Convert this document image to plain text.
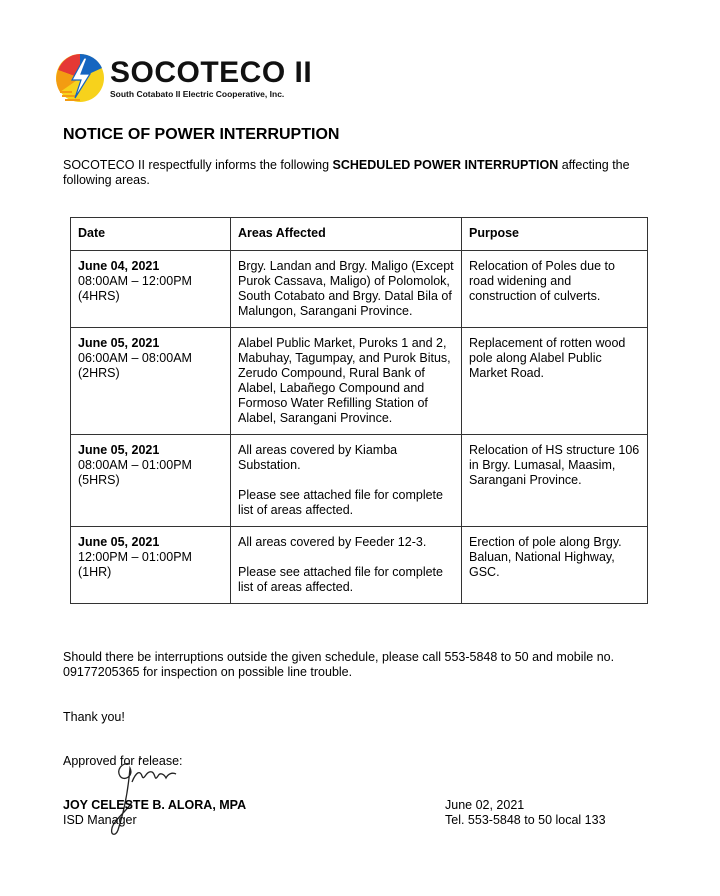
SOCOTECO II
South Cotabato II Electric Cooperative, Inc.
NOTICE OF POWER INTERRUPTION

SOCOTECO II respectfully informs the following SCHEDULED POWER INTERRUPTION affecting the following areas.

Date	Areas Affected	Purpose

June 04, 2021
08:00AM – 12:00PM
(4HRS)	Brgy. Landan and Brgy. Maligo (Except Purok Cassava, Maligo) of Polomolok, South Cotabato and Brgy. Datal Bila of Malungon, Sarangani Province.	Relocation of Poles due to road widening and construction of culverts.

June 05, 2021
06:00AM – 08:00AM
(2HRS)	Alabel Public Market, Puroks 1 and 2, Mabuhay, Tagumpay, and Purok Bitus, Zerudo Compound, Rural Bank of Alabel, Labañego Compound and Formoso Water Refilling Station of Alabel, Sarangani Province.	Replacement of rotten wood pole along Alabel Public Market Road.

June 05, 2021
08:00AM – 01:00PM
(5HRS)	All areas covered by Kiamba Substation.
Please see attached file for complete list of areas affected.	Relocation of HS structure 106 in Brgy. Lumasal, Maasim, Sarangani Province.

June 05, 2021
12:00PM – 01:00PM
(1HR)	All areas covered by Feeder 12-3.
Please see attached file for complete list of areas affected.	Erection of pole along Brgy. Baluan, National Highway, GSC.

Should there be interruptions outside the given schedule, please call 553-5848 to 50 and mobile no. 09177205365 for inspection on possible line trouble.

Thank you!

Approved for release:

JOY CELESTE B. ALORA, MPA
ISD Manager
June 02, 2021
Tel. 553-5848 to 50 local 133
